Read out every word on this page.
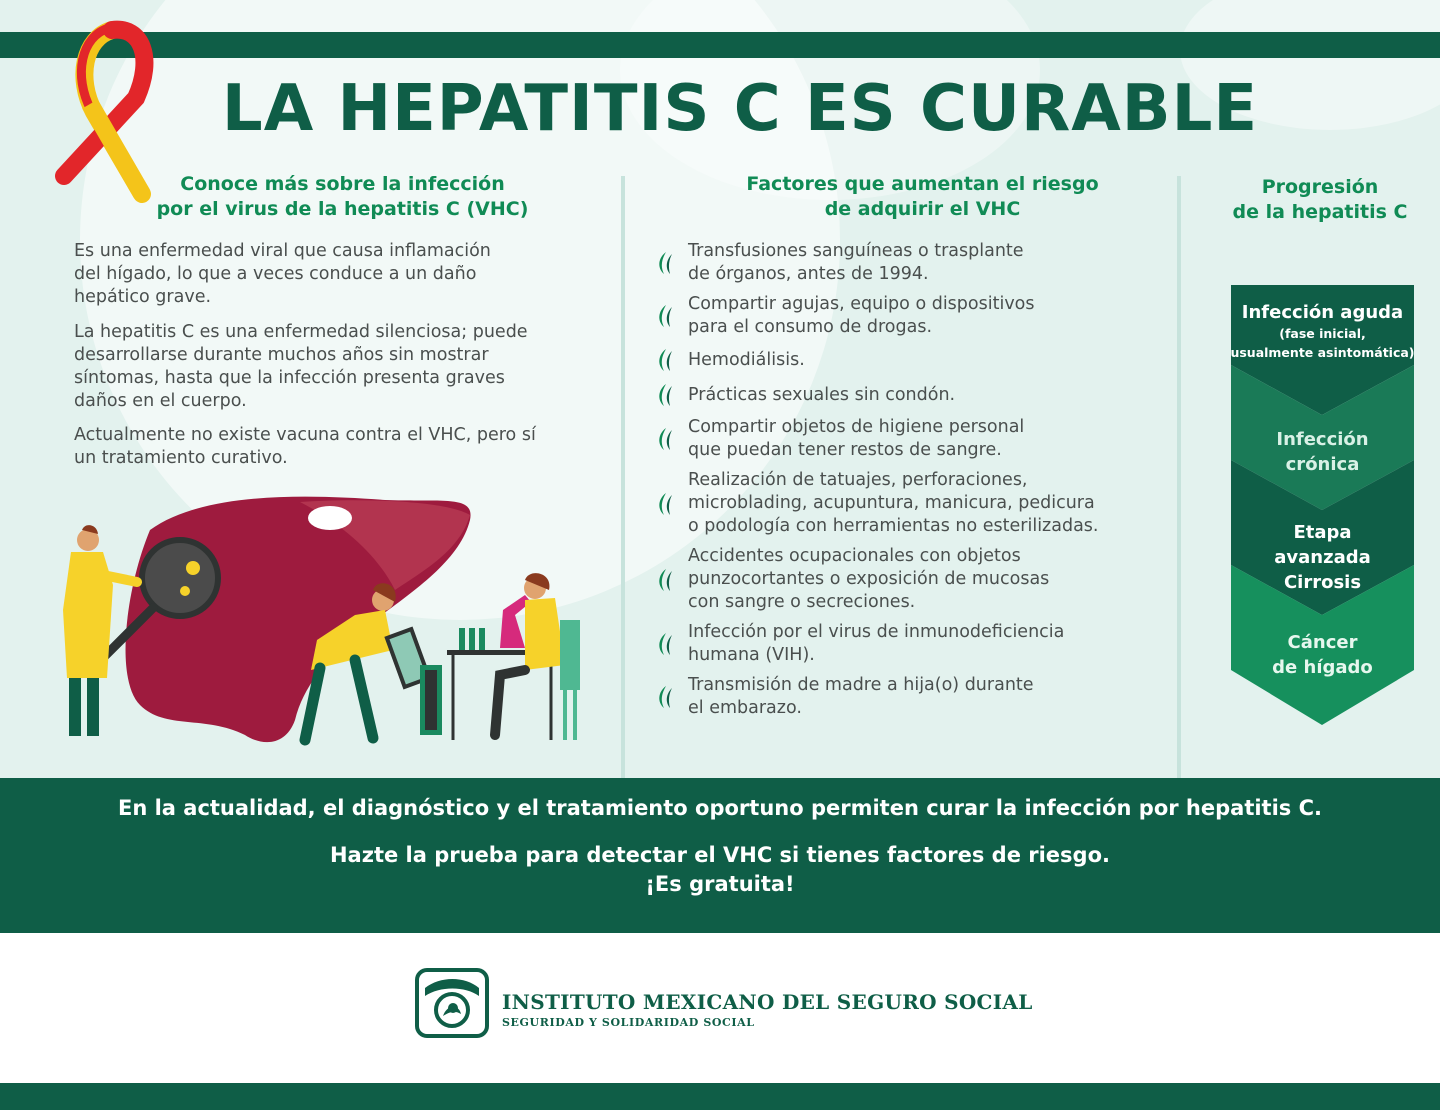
LA HEPATITIS C ES CURABLE
Conoce más sobre la infección
por el virus de la hepatitis C (VHC)
Factores que aumentan el riesgo
de adquirir el VHC
Progresión
de la hepatitis C
Es una enfermedad viral que causa inflamación
del hígado, lo que a veces conduce a un daño
hepático grave.
La hepatitis C es una enfermedad silenciosa; puede
desarrollarse durante muchos años sin mostrar
síntomas, hasta que la infección presenta graves
daños en el cuerpo.
Actualmente no existe vacuna contra el VHC, pero sí
un tratamiento curativo.
Transfusiones sanguíneas o trasplante
de órganos, antes de 1994.
Compartir agujas, equipo o dispositivos
para el consumo de drogas.
Hemodiálisis.
Prácticas sexuales sin condón.
Compartir objetos de higiene personal
que puedan tener restos de sangre.
Realización de tatuajes, perforaciones,
microblading, acupuntura, manicura, pedicura
o podología con herramientas no esterilizadas.
Accidentes ocupacionales con objetos
punzocortantes o exposición de mucosas
con sangre o secreciones.
Infección por el virus de inmunodeficiencia
humana (VIH).
Transmisión de madre a hija(o) durante
el embarazo.
Infección aguda
(fase inicial,
usualmente asintomática)
Infección
crónica
Etapa
avanzada
Cirrosis
Cáncer
de hígado
En la actualidad, el diagnóstico y el tratamiento oportuno permiten curar la infección por hepatitis C.
Hazte la prueba para detectar el VHC si tienes factores de riesgo.
¡Es gratuita!
INSTITUTO MEXICANO DEL SEGURO SOCIAL
SEGURIDAD Y SOLIDARIDAD SOCIAL
